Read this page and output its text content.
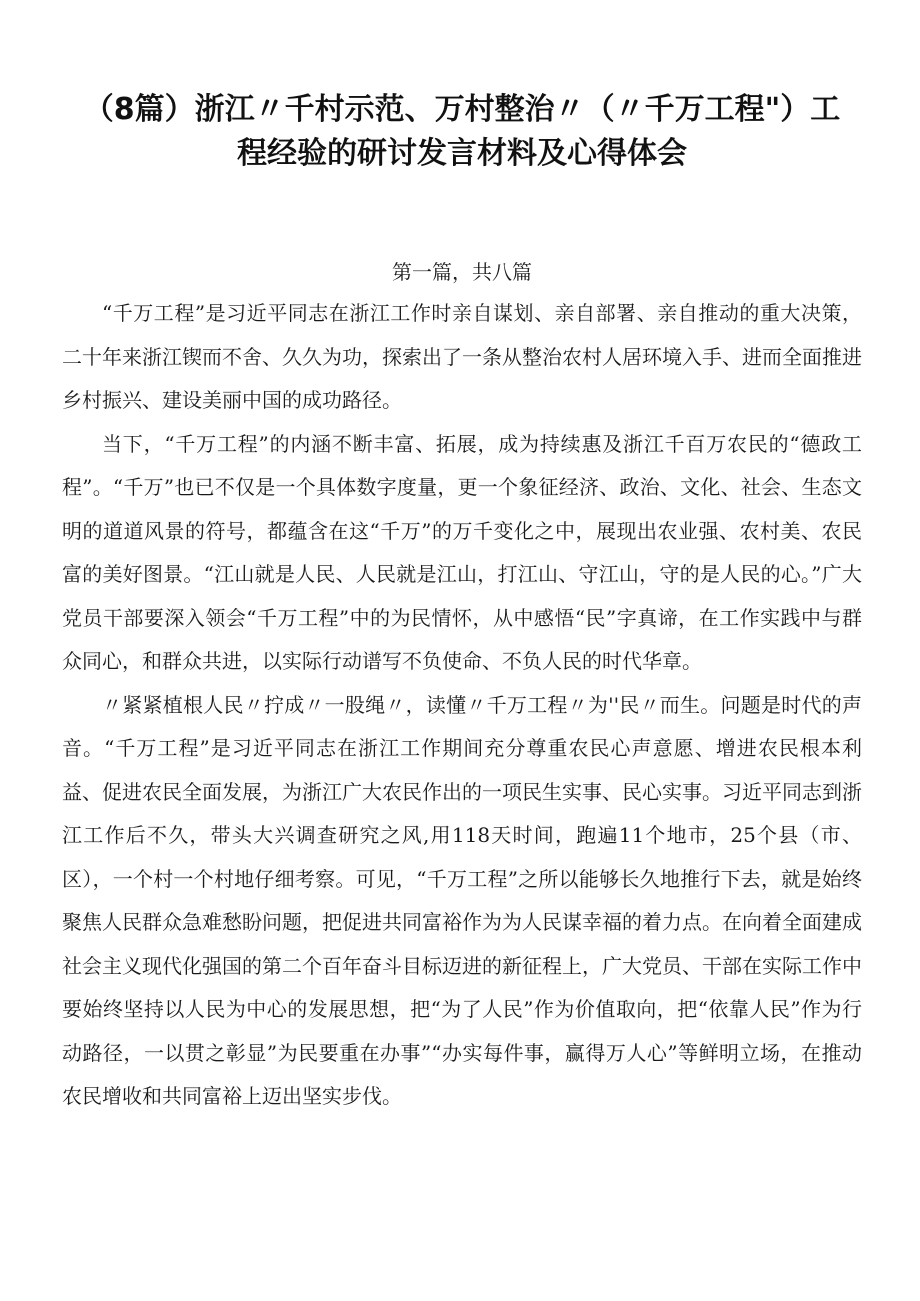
（8篇）浙江〃千村示范、万村整治〃（〃千万工程"）工程经验的研讨发言材料及心得体会
第一篇，共八篇

“千万工程”是习近平同志在浙江工作时亲自谋划、亲自部署、亲自推动的重大决策，二十年来浙江锲而不舍、久久为功，探索出了一条从整治农村人居环境入手、进而全面推进乡村振兴、建设美丽中国的成功路径。

当下，“千万工程”的内涵不断丰富、拓展，成为持续惠及浙江千百万农民的“德政工程”。“千万”也已不仅是一个具体数字度量，更一个象征经济、政治、文化、社会、生态文明的道道风景的符号，都蕴含在这“千万”的万千变化之中，展现出农业强、农村美、农民富的美好图景。“江山就是人民、人民就是江山，打江山、守江山，守的是人民的心。”广大党员干部要深入领会“千万工程”中的为民情怀，从中感悟“民”字真谛，在工作实践中与群众同心，和群众共进，以实际行动谱写不负使命、不负人民的时代华章。

〃紧紧植根人民〃拧成〃一股绳〃，读懂〃千万工程〃为''民〃而生。问题是时代的声音。“千万工程”是习近平同志在浙江工作期间充分尊重农民心声意愿、增进农民根本利益、促进农民全面发展，为浙江广大农民作出的一项民生实事、民心实事。习近平同志到浙江工作后不久，带头大兴调查研究之风,用118天时间，跑遍11个地市，25个县（市、区），一个村一个村地仔细考察。可见，“千万工程”之所以能够长久地推行下去，就是始终聚焦人民群众急难愁盼问题，把促进共同富裕作为为人民谋幸福的着力点。在向着全面建成社会主义现代化强国的第二个百年奋斗目标迈进的新征程上，广大党员、干部在实际工作中要始终坚持以人民为中心的发展思想，把“为了人民”作为价值取向，把“依靠人民”作为行动路径，一以贯之彰显”为民要重在办事”“办实每件事，赢得万人心”等鲜明立场，在推动农民增收和共同富裕上迈出坚实步伐。
